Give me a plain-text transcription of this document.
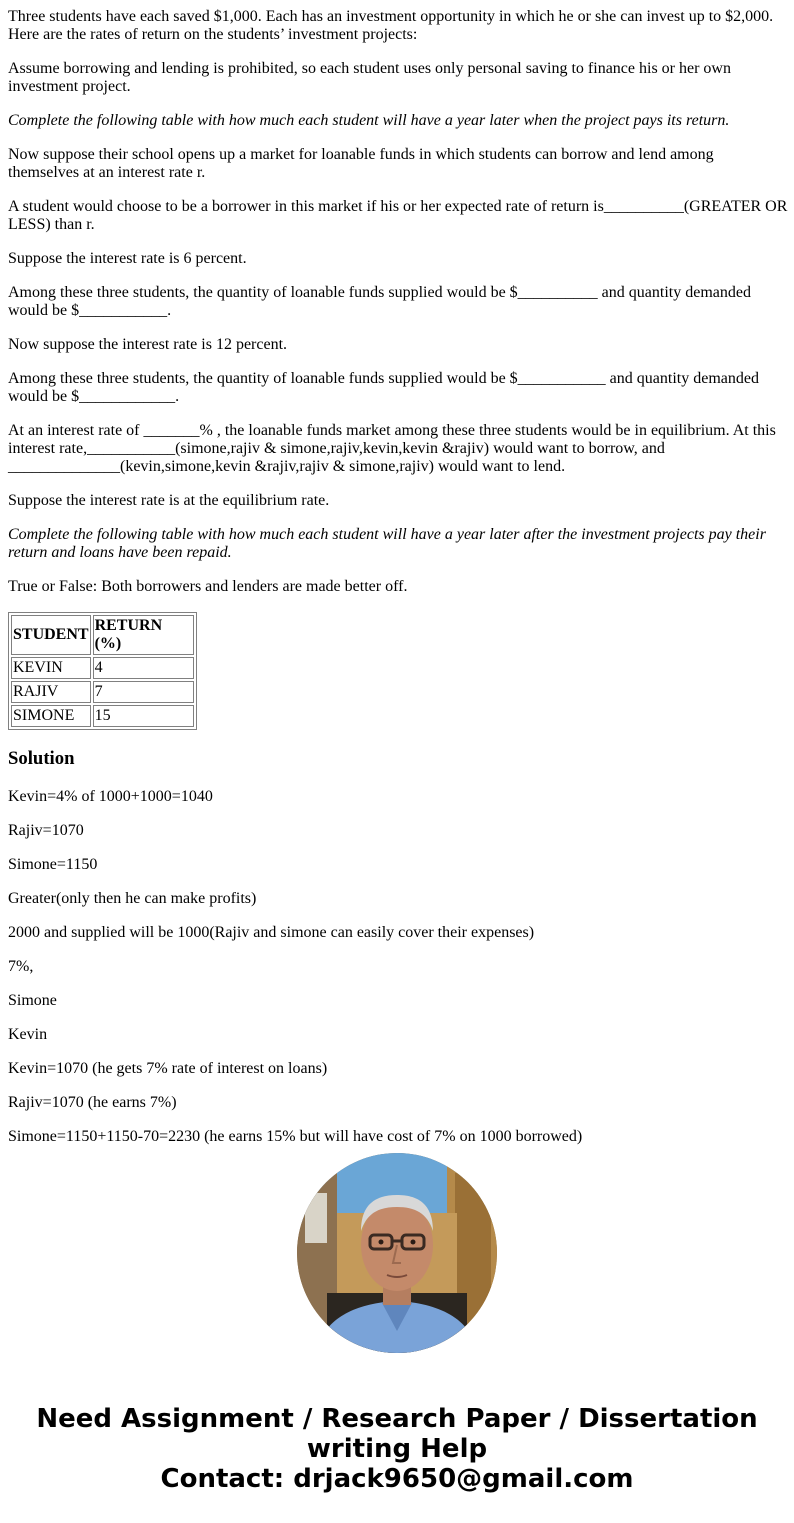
Three students have each saved $1,000. Each has an investment opportunity in which he or she can invest up to $2,000. Here are the rates of return on the students’ investment projects:

Assume borrowing and lending is prohibited, so each student uses only personal saving to finance his or her own investment project.

Complete the following table with how much each student will have a year later when the project pays its return.

Now suppose their school opens up a market for loanable funds in which students can borrow and lend among themselves at an interest rate r.

A student would choose to be a borrower in this market if his or her expected rate of return is__________(GREATER OR LESS) than r.

Suppose the interest rate is 6 percent.

Among these three students, the quantity of loanable funds supplied would be $__________ and quantity demanded would be $___________.

Now suppose the interest rate is 12 percent.

Among these three students, the quantity of loanable funds supplied would be $___________ and quantity demanded would be $____________.

At an interest rate of _______% , the loanable funds market among these three students would be in equilibrium. At this interest rate,___________(simone,rajiv & simone,rajiv,kevin,kevin &rajiv) would want to borrow, and ______________(kevin,simone,kevin &rajiv,rajiv & simone,rajiv) would want to lend.

Suppose the interest rate is at the equilibrium rate.

Complete the following table with how much each student will have a year later after the investment projects pay their return and loans have been repaid.

True or False: Both borrowers and lenders are made better off.

STUDENT	RETURN (%)
KEVIN	4
RAJIV	7
SIMONE	15
Solution

Kevin=4% of 1000+1000=1040

Rajiv=1070

Simone=1150

Greater(only then he can make profits)

2000 and supplied will be 1000(Rajiv and simone can easily cover their expenses)

7%,

Simone

Kevin

Kevin=1070 (he gets 7% rate of interest on loans)

Rajiv=1070 (he earns 7%)

Simone=1150+1150-70=2230 (he earns 15% but will have cost of 7% on 1000 borrowed)

Need Assignment / Research Paper / Dissertation writing Help
Contact: drjack9650@gmail.com
